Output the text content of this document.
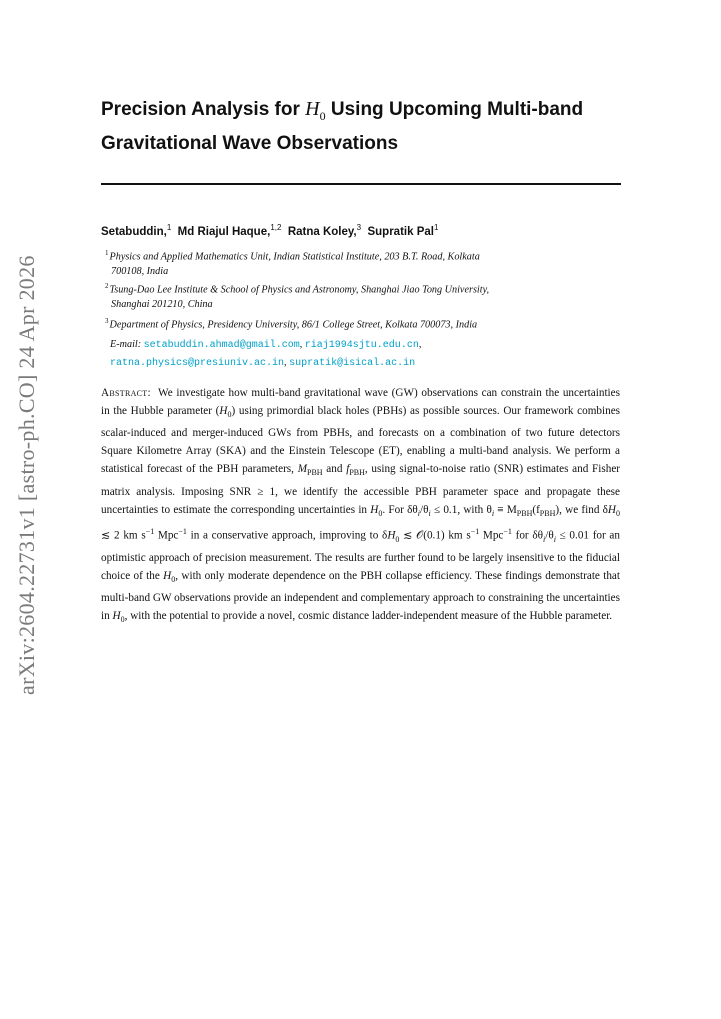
arXiv:2604.22731v1 [astro-ph.CO] 24 Apr 2026
Precision Analysis for $H_0$ Using Upcoming Multi-band
Gravitational Wave Observations
Setabuddin,$^1$ Md Riajul Haque,$^{1,2}$ Ratna Koley,$^3$ Supratik Pal$^1$
$^1$Physics and Applied Mathematics Unit, Indian Statistical Institute, 203 B.T. Road, Kolkata
700108, India
$^2$Tsung-Dao Lee Institute & School of Physics and Astronomy, Shanghai Jiao Tong University,
Shanghai 201210, China
$^3$Department of Physics, Presidency University, 86/1 College Street, Kolkata 700073, India
E-mail: setabuddin.ahmad@gmail.com, riaj1994sjtu.edu.cn,
ratna.physics@presiuniv.ac.in, supratik@isical.ac.in
Abstract: We investigate how multi-band gravitational wave (GW) observations can constrain the uncertainties in the Hubble parameter $(H_0)$ using primordial black holes (PBHs) as possible sources. Our framework combines scalar-induced and merger-induced GWs from PBHs, and forecasts on a combination of two future detectors Square Kilometre Array (SKA) and the Einstein Telescope (ET), enabling a multi-band analysis. We perform a statistical forecast of the PBH parameters, $M_{PBH}$ and $f_{PBH}$, using signal-to-noise ratio (SNR) estimates and Fisher matrix analysis. Imposing SNR ≥ 1, we identify the accessible PBH parameter space and propagate these uncertainties to estimate the corresponding uncertainties in $H_0$. For $\delta\theta_i/\theta_i \le 0.1$, with $\theta_i \equiv M_{PBH}(f_{PBH})$, we find $\delta H_0$ ≲ 2 km $s^{-1}$ Mpc$^{-1}$ in a conservative approach, improving to $\delta H_0$ ≲ 𝒪(0.1) km $s^{-1}$ Mpc$^{-1}$ for $\delta\theta_i/\theta_i \le 0.01$ for an optimistic approach of precision measurement. The results are further found to be largely insensitive to the fiducial choice of the $H_0$, with only moderate dependence on the PBH collapse efficiency. These findings demonstrate that multi-band GW observations provide an independent and complementary approach to constraining the uncertainties in $H_0$, with the potential to provide a novel, cosmic distance ladder-independent measure of the Hubble parameter.
